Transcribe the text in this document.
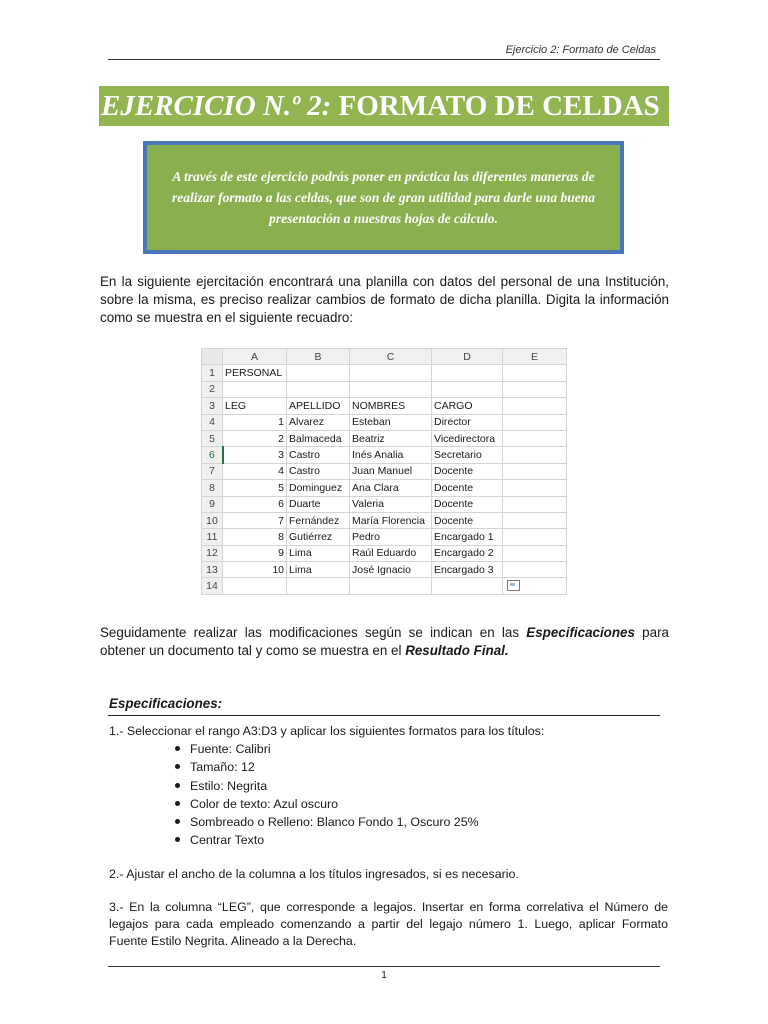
Ejercicio 2: Formato de Celdas
EJERCICIO N.º 2: FORMATO DE CELDAS

A través de este ejercicio podrás poner en práctica las diferentes maneras de realizar formato a las celdas, que son de gran utilidad para darle una buena presentación a nuestras hojas de cálculo.

En la siguiente ejercitación encontrará una planilla con datos del personal de una Institución, sobre la misma, es preciso realizar cambios de formato de dicha planilla. Digita la información como se muestra en el siguiente recuadro:

	A	B	C	D	E
1	PERSONAL				
2					
3	LEG	APELLIDO	NOMBRES	CARGO	
4	1	Alvarez	Esteban	Director	
5	2	Balmaceda	Beatriz	Vicedirectora	
6	3	Castro	Inés Analia	Secretario	
7	4	Castro	Juan Manuel	Docente	
8	5	Dominguez	Ana Clara	Docente	
9	6	Duarte	Valeria	Docente	
10	7	Fernández	María Florencia	Docente	
11	8	Gutiérrez	Pedro	Encargado 1	
12	9	Lima	Raúl Eduardo	Encargado 2	
13	10	Lima	José Ignacio	Encargado 3	
14					

Seguidamente realizar las modificaciones según se indican en las Especificaciones para obtener un documento tal y como se muestra en el Resultado Final.

Especificaciones:

1.- Seleccionar el rango A3:D3 y aplicar los siguientes formatos para los títulos:

Fuente: Calibri
Tamaño: 12
Estilo: Negrita
Color de texto: Azul oscuro
Sombreado o Relleno: Blanco Fondo 1, Oscuro 25%
Centrar Texto

2.- Ajustar el ancho de la columna a los títulos ingresados, si es necesario.

3.- En la columna “LEG”, que corresponde a legajos. Insertar en forma correlativa el Número de legajos para cada empleado comenzando a partir del legajo número 1. Luego, aplicar Formato Fuente Estilo Negrita. Alineado a la Derecha.

1
